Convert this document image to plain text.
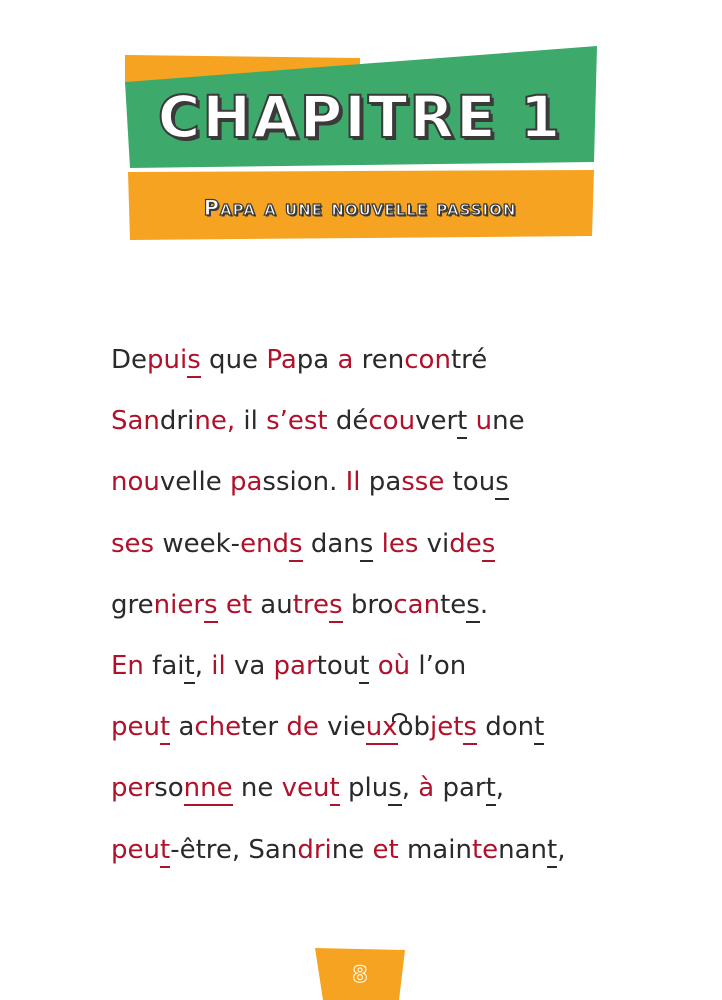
CHAPITRE 1
Papa a une nouvelle passion
Depuis que Papa a rencontré
Sandrine, il s’est découvert une
nouvelle passion. Il passe tous
ses week-ends dans les vides
greniers et autres brocantes.
En fait, il va partout où l’on
peut acheter de vieuxobjets dont
personne ne veut plus, à part,
peut-être, Sandrine et maintenant,
8
